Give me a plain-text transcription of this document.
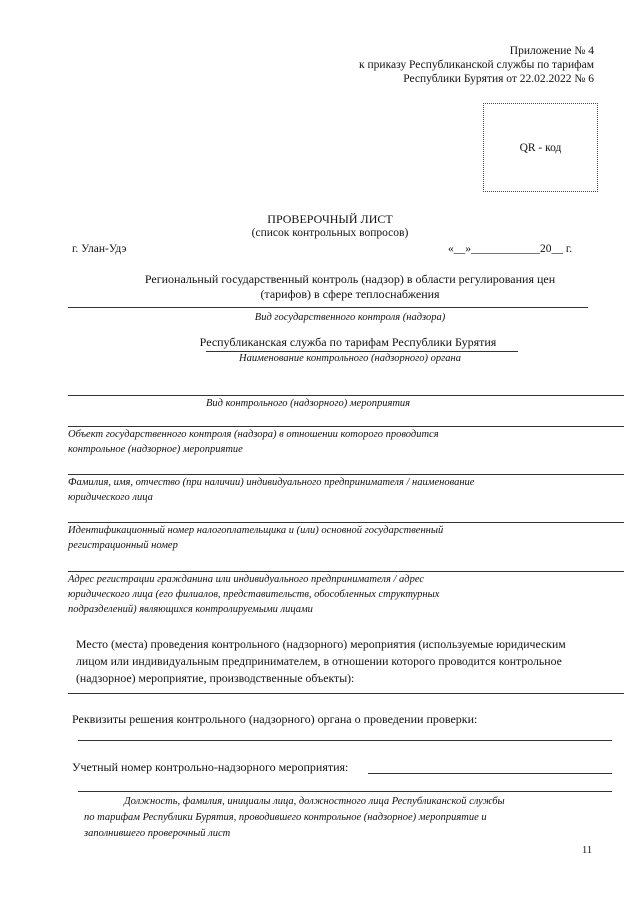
Приложение № 4
к приказу Республиканской службы по тарифам
Республики Бурятия от 22.02.2022 № 6
QR - код
ПРОВЕРОЧНЫЙ ЛИСТ
(список контрольных вопросов)
г. Улан-Удэ	«__»____________20__ г.
Региональный государственный контроль (надзор) в области регулирования цен
(тарифов) в сфере теплоснабжения
Вид государственного контроля (надзора)
Республиканская служба по тарифам Республики Бурятия
Наименование контрольного (надзорного) органа
Вид контрольного (надзорного) мероприятия
Объект государственного контроля (надзора) в отношении которого проводится
контрольное (надзорное) мероприятие
Фамилия, имя, отчество (при наличии) индивидуального предпринимателя / наименование
юридического лица
Идентификационный номер налогоплательщика и (или) основной государственный
регистрационный номер
Адрес регистрации гражданина или индивидуального предпринимателя / адрес
юридического лица (его филиалов, представительств, обособленных структурных
подразделений) являющихся контролируемыми лицами
Место (места) проведения контрольного (надзорного) мероприятия (используемые юридическим
лицом или индивидуальным предпринимателем, в отношении которого проводится контрольное
(надзорное) мероприятие, производственные объекты):
Реквизиты решения контрольного (надзорного) органа о проведении проверки:
Учетный номер контрольно-надзорного мероприятия:
Должность, фамилия, инициалы лица, должностного лица Республиканской службы
по тарифам Республики Бурятия, проводившего контрольное (надзорное) мероприятие и
заполнившего проверочный лист
11
